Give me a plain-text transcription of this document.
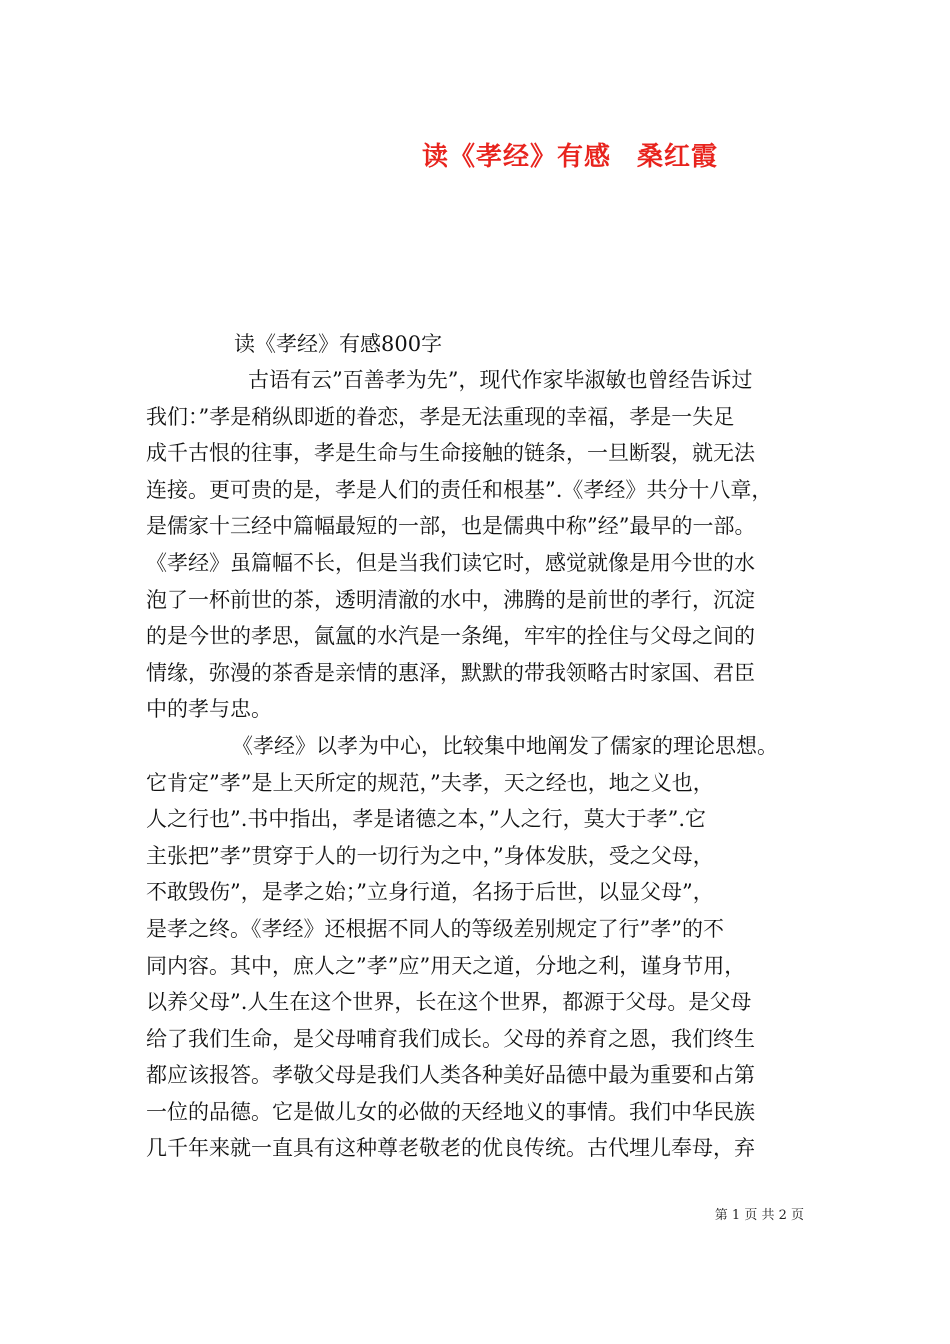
读《孝经》有感 桑红霞
读《孝经》有感800字
古语有云”百善孝为先”，现代作家毕淑敏也曾经告诉过
我们：”孝是稍纵即逝的眷恋，孝是无法重现的幸福，孝是一失足
成千古恨的往事，孝是生命与生命接触的链条，一旦断裂，就无法
连接。更可贵的是，孝是人们的责任和根基”.《孝经》共分十八章，
是儒家十三经中篇幅最短的一部，也是儒典中称”经”最早的一部。
《孝经》虽篇幅不长，但是当我们读它时，感觉就像是用今世的水
泡了一杯前世的茶，透明清澈的水中，沸腾的是前世的孝行，沉淀
的是今世的孝思，氤氲的水汽是一条绳，牢牢的拴住与父母之间的
情缘，弥漫的茶香是亲情的惠泽，默默的带我领略古时家国、君臣
中的孝与忠。
《孝经》以孝为中心，比较集中地阐发了儒家的理论思想。
它肯定”孝”是上天所定的规范，”夫孝，天之经也，地之义也，
人之行也”.书中指出，孝是诸德之本，”人之行，莫大于孝”.它
主张把”孝”贯穿于人的一切行为之中，”身体发肤，受之父母，
不敢毁伤”，是孝之始；”立身行道，名扬于后世，以显父母”，
是孝之终。《孝经》还根据不同人的等级差别规定了行”孝”的不
同内容。其中，庶人之”孝”应”用天之道，分地之利，谨身节用，
以养父母”.人生在这个世界，长在这个世界，都源于父母。是父母
给了我们生命，是父母哺育我们成长。父母的养育之恩，我们终生
都应该报答。孝敬父母是我们人类各种美好品德中最为重要和占第
一位的品德。它是做儿女的必做的天经地义的事情。我们中华民族
几千年来就一直具有这种尊老敬老的优良传统。古代埋儿奉母，弃
第 1 页 共 2 页
